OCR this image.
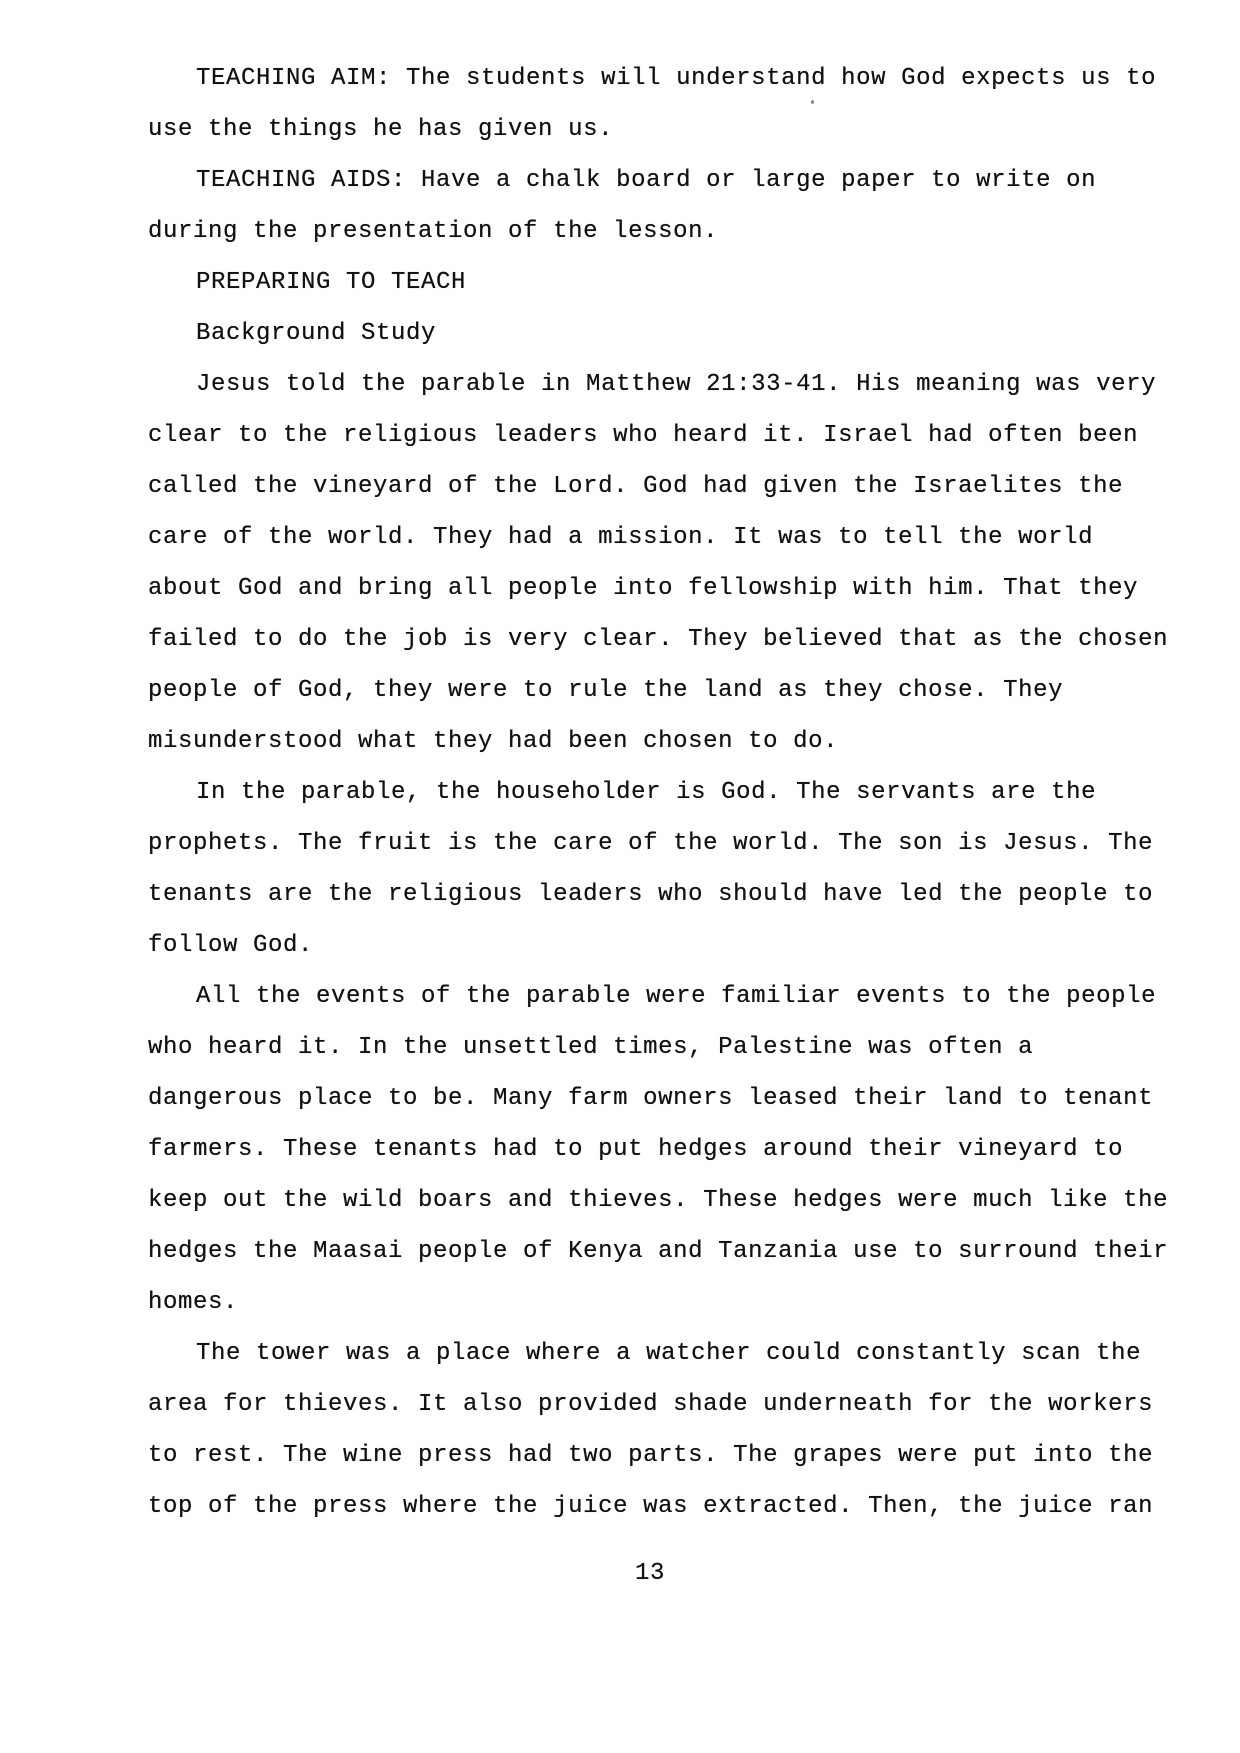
TEACHING AIM: The students will understand how God expects us to
use the things he has given us.
TEACHING AIDS: Have a chalk board or large paper to write on
during the presentation of the lesson.
PREPARING TO TEACH
Background Study
Jesus told the parable in Matthew 21:33-41. His meaning was very
clear to the religious leaders who heard it. Israel had often been
called the vineyard of the Lord. God had given the Israelites the
care of the world. They had a mission. It was to tell the world
about God and bring all people into fellowship with him. That they
failed to do the job is very clear. They believed that as the chosen
people of God, they were to rule the land as they chose. They
misunderstood what they had been chosen to do.
In the parable, the householder is God. The servants are the
prophets. The fruit is the care of the world. The son is Jesus. The
tenants are the religious leaders who should have led the people to
follow God.
All the events of the parable were familiar events to the people
who heard it. In the unsettled times, Palestine was often a
dangerous place to be. Many farm owners leased their land to tenant
farmers. These tenants had to put hedges around their vineyard to
keep out the wild boars and thieves. These hedges were much like the
hedges the Maasai people of Kenya and Tanzania use to surround their
homes.
The tower was a place where a watcher could constantly scan the
area for thieves. It also provided shade underneath for the workers
to rest. The wine press had two parts. The grapes were put into the
top of the press where the juice was extracted. Then, the juice ran
13
